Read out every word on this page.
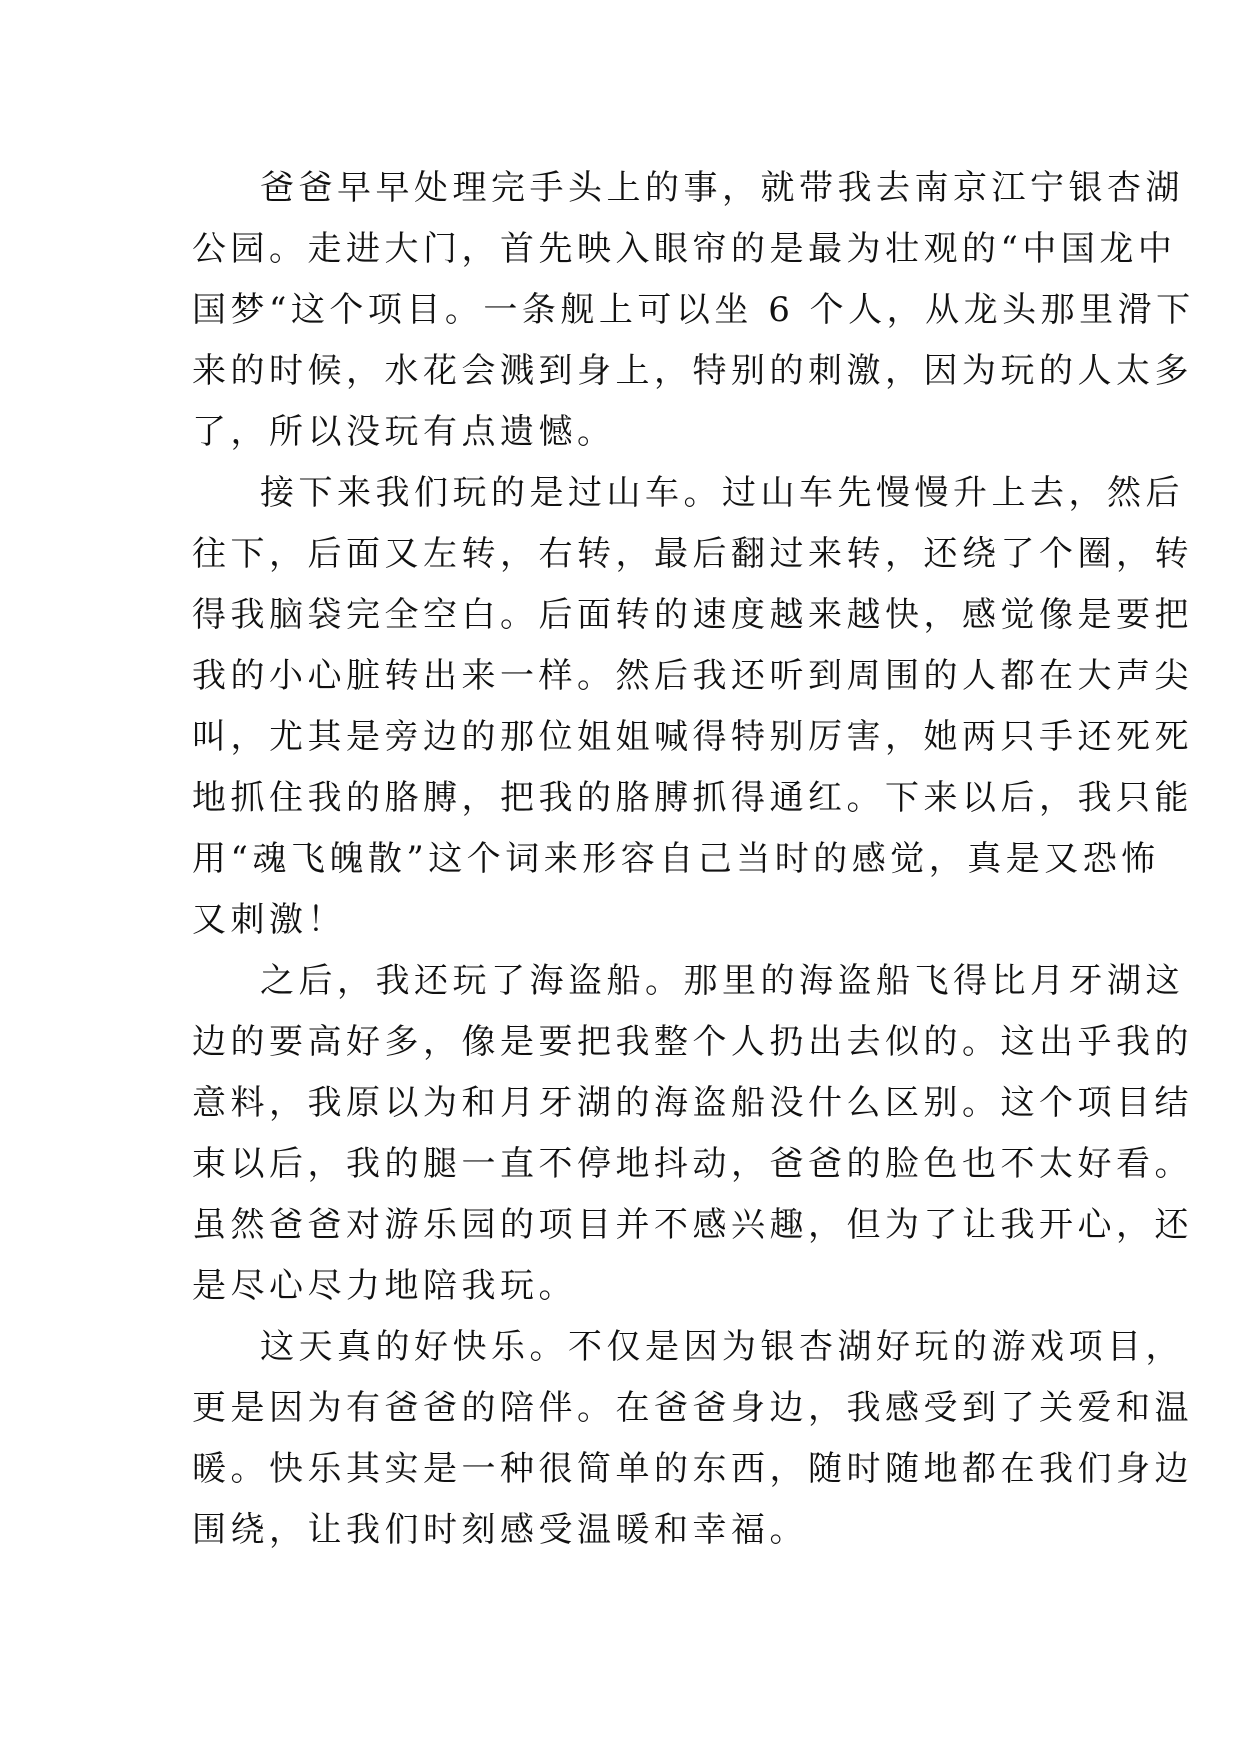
爸爸早早处理完手头上的事，就带我去南京江宁银杏湖
公园。走进大门，首先映入眼帘的是最为壮观的“中国龙中
国梦“这个项目。一条舰上可以坐 6 个人，从龙头那里滑下
来的时候，水花会溅到身上，特别的刺激，因为玩的人太多
了，所以没玩有点遗憾。
接下来我们玩的是过山车。过山车先慢慢升上去，然后
往下，后面又左转，右转，最后翻过来转，还绕了个圈，转
得我脑袋完全空白。后面转的速度越来越快，感觉像是要把
我的小心脏转出来一样。然后我还听到周围的人都在大声尖
叫，尤其是旁边的那位姐姐喊得特别厉害，她两只手还死死
地抓住我的胳膊，把我的胳膊抓得通红。下来以后，我只能
用“魂飞魄散”这个词来形容自己当时的感觉，真是又恐怖
又刺激！
之后，我还玩了海盗船。那里的海盗船飞得比月牙湖这
边的要高好多，像是要把我整个人扔出去似的。这出乎我的
意料，我原以为和月牙湖的海盗船没什么区别。这个项目结
束以后，我的腿一直不停地抖动，爸爸的脸色也不太好看。
虽然爸爸对游乐园的项目并不感兴趣，但为了让我开心，还
是尽心尽力地陪我玩。
这天真的好快乐。不仅是因为银杏湖好玩的游戏项目，
更是因为有爸爸的陪伴。在爸爸身边，我感受到了关爱和温
暖。快乐其实是一种很简单的东西，随时随地都在我们身边
围绕，让我们时刻感受温暖和幸福。
